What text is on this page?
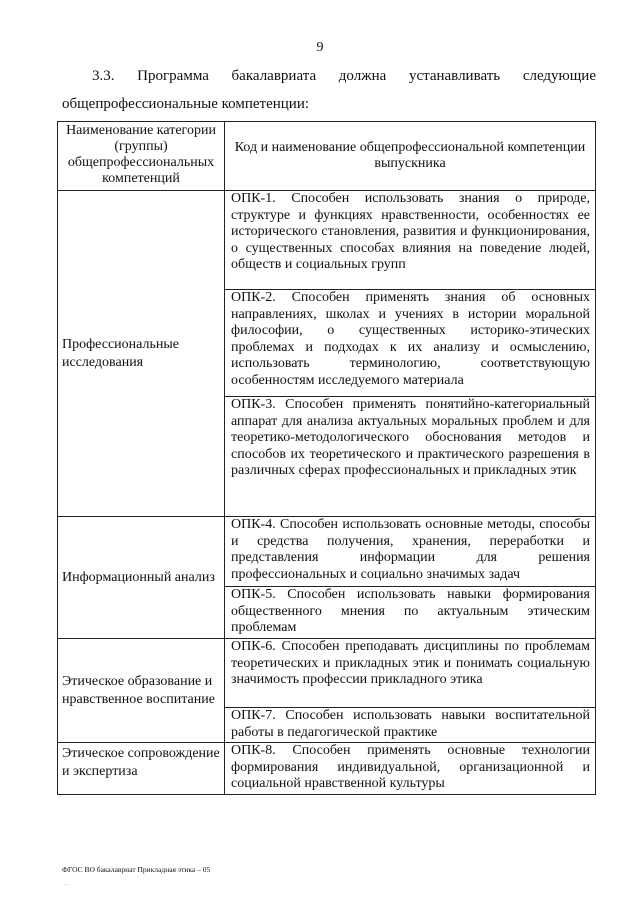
9
3.3. Программа бакалавриата должна устанавливать следующие
общепрофессиональные компетенции:
Наименование категории (группы) общепрофессиональных компетенций	Код и наименование общепрофессиональной компетенции выпускника
Профессиональные исследования	ОПК-1. Способен использовать знания о природе, структуре и функциях нравственности, особенностях ее исторического становления, развития и функционирования, о существенных способах влияния на поведение людей, обществ и социальных групп
	ОПК-2. Способен применять знания об основных направлениях, школах и учениях в истории моральной философии, о существенных историко-этических проблемах и подходах к их анализу и осмыслению, использовать терминологию, соответствующую особенностям исследуемого материала
	ОПК-3. Способен применять понятийно-категориальный аппарат для анализа актуальных моральных проблем и для теоретико-методологического обоснования методов и способов их теоретического и практического разрешения в различных сферах профессиональных и прикладных этик
Информационный анализ	ОПК-4. Способен использовать основные методы, способы и средства получения, хранения, переработки и представления информации для решения профессиональных и социально значимых задач
	ОПК-5. Способен использовать навыки формирования общественного мнения по актуальным этическим проблемам
Этическое образование и нравственное воспитание	ОПК-6. Способен преподавать дисциплины по проблемам теоретических и прикладных этик и понимать социальную значимость профессии прикладного этика
	ОПК-7. Способен использовать навыки воспитательной работы в педагогической практике
Этическое сопровождение и экспертиза	ОПК-8. Способен применять основные технологии формирования индивидуальной, организационной и социальной нравственной культуры
ФГОС ВО бакалавриат Прикладная этика – 05
. .
